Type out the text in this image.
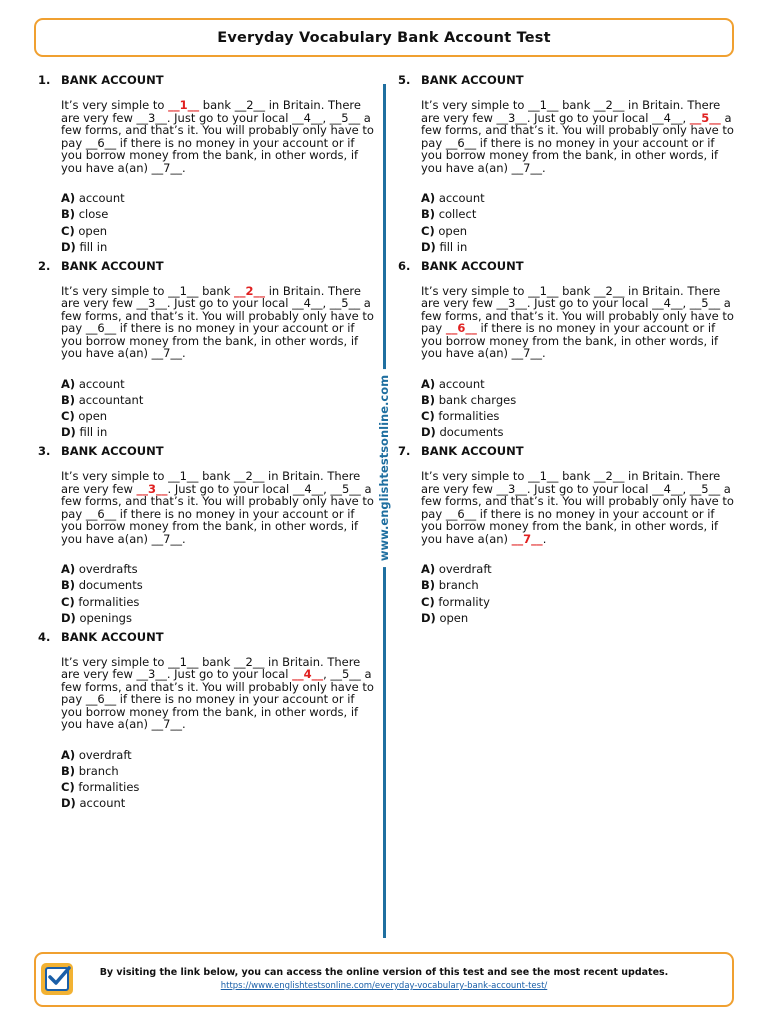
Everyday Vocabulary Bank Account Test
1. BANK ACCOUNT
It’s very simple to __1__ bank __2__ in Britain. There are very few __3__. Just go to your local __4__, __5__ a few forms, and that’s it. You will probably only have to pay __6__ if there is no money in your account or if you borrow money from the bank, in other words, if you have a(an) __7__.
A) account
B) close
C) open
D) fill in
2. BANK ACCOUNT
It’s very simple to __1__ bank __2__ in Britain. There are very few __3__. Just go to your local __4__, __5__ a few forms, and that’s it. You will probably only have to pay __6__ if there is no money in your account or if you borrow money from the bank, in other words, if you have a(an) __7__.
A) account
B) accountant
C) open
D) fill in
3. BANK ACCOUNT
It’s very simple to __1__ bank __2__ in Britain. There are very few __3__. Just go to your local __4__, __5__ a few forms, and that’s it. You will probably only have to pay __6__ if there is no money in your account or if you borrow money from the bank, in other words, if you have a(an) __7__.
A) overdrafts
B) documents
C) formalities
D) openings
4. BANK ACCOUNT
It’s very simple to __1__ bank __2__ in Britain. There are very few __3__. Just go to your local __4__, __5__ a few forms, and that’s it. You will probably only have to pay __6__ if there is no money in your account or if you borrow money from the bank, in other words, if you have a(an) __7__.
A) overdraft
B) branch
C) formalities
D) account
5. BANK ACCOUNT
It’s very simple to __1__ bank __2__ in Britain. There are very few __3__. Just go to your local __4__, __5__ a few forms, and that’s it. You will probably only have to pay __6__ if there is no money in your account or if you borrow money from the bank, in other words, if you have a(an) __7__.
A) account
B) collect
C) open
D) fill in
6. BANK ACCOUNT
It’s very simple to __1__ bank __2__ in Britain. There are very few __3__. Just go to your local __4__, __5__ a few forms, and that’s it. You will probably only have to pay __6__ if there is no money in your account or if you borrow money from the bank, in other words, if you have a(an) __7__.
A) account
B) bank charges
C) formalities
D) documents
7. BANK ACCOUNT
It’s very simple to __1__ bank __2__ in Britain. There are very few __3__. Just go to your local __4__, __5__ a few forms, and that’s it. You will probably only have to pay __6__ if there is no money in your account or if you borrow money from the bank, in other words, if you have a(an) __7__.
A) overdraft
B) branch
C) formality
D) open
www.englishtestsonline.com
By visiting the link below, you can access the online version of this test and see the most recent updates.
https://www.englishtestsonline.com/everyday-vocabulary-bank-account-test/
